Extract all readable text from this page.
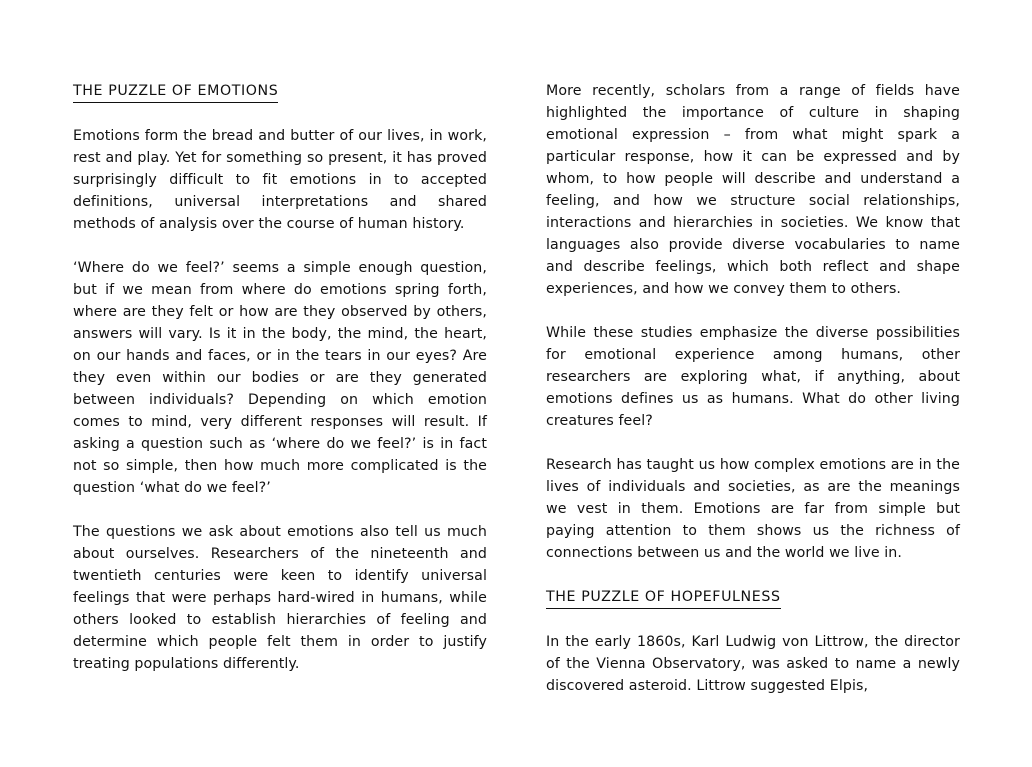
THE PUZZLE OF EMOTIONS

Emotions form the bread and butter of our lives, in work, rest and play. Yet for something so present, it has proved surprisingly difficult to fit emotions in to accepted definitions, universal interpretations and shared methods of analysis over the course of human history.

‘Where do we feel?’ seems a simple enough question, but if we mean from where do emotions spring forth, where are they felt or how are they observed by others, answers will vary. Is it in the body, the mind, the heart, on our hands and faces, or in the tears in our eyes? Are they even within our bodies or are they generated between individuals? Depending on which emotion comes to mind, very different responses will result. If asking a question such as ‘where do we feel?’ is in fact not so simple, then how much more complicated is the question ‘what do we feel?’

The questions we ask about emotions also tell us much about ourselves. Researchers of the nineteenth and twentieth centuries were keen to identify universal feelings that were perhaps hard-wired in humans, while others looked to establish hierarchies of feeling and determine which people felt them in order to justify treating populations differently.

More recently, scholars from a range of fields have highlighted the importance of culture in shaping emotional expression – from what might spark a particular response, how it can be expressed and by whom, to how people will describe and understand a feeling, and how we structure social relationships, interactions and hierarchies in societies. We know that languages also provide diverse vocabularies to name and describe feelings, which both reflect and shape experiences, and how we convey them to others.

While these studies emphasize the diverse possibilities for emotional experience among humans, other researchers are exploring what, if anything, about emotions defines us as humans. What do other living creatures feel?

Research has taught us how complex emotions are in the lives of individuals and societies, as are the meanings we vest in them. Emotions are far from simple but paying attention to them shows us the richness of connections between us and the world we live in.

THE PUZZLE OF HOPEFULNESS

In the early 1860s, Karl Ludwig von Littrow, the director of the Vienna Observatory, was asked to name a newly discovered asteroid. Littrow suggested Elpis,
